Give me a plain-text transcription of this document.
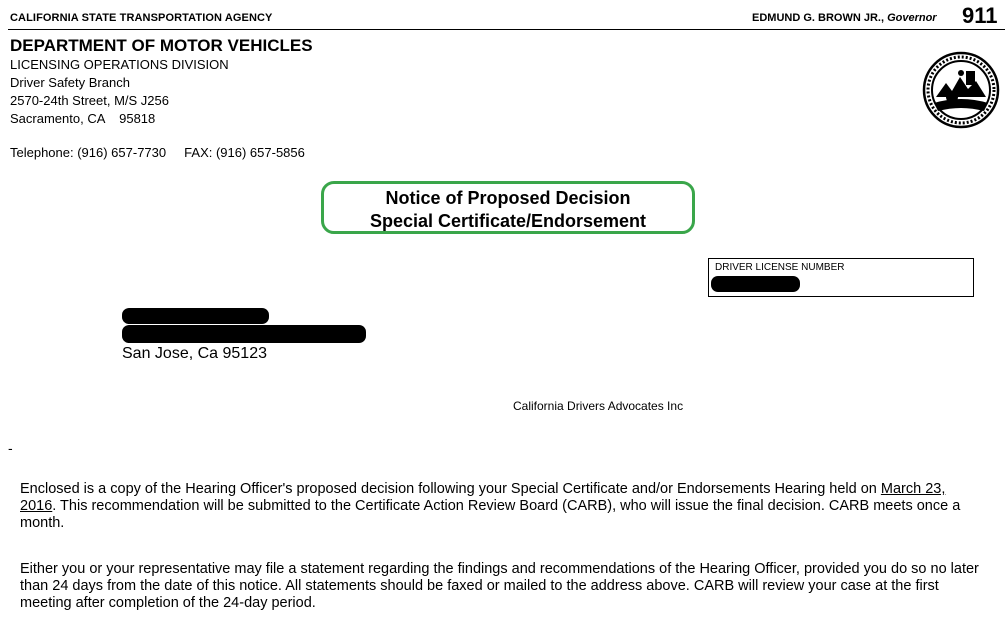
CALIFORNIA STATE TRANSPORTATION AGENCY	EDMUND G. BROWN JR., Governor 911
DEPARTMENT OF MOTOR VEHICLES
LICENSING OPERATIONS DIVISION
Driver Safety Branch
2570-24th Street, M/S J256
Sacramento, CA    95818
Telephone: (916) 657-7730     FAX: (916) 657-5856
Notice of Proposed Decision
Special Certificate/Endorsement
DRIVER LICENSE NUMBER
San Jose, Ca 95123
California Drivers Advocates Inc
-

Enclosed is a copy of the Hearing Officer's proposed decision following your Special Certificate and/or Endorsements Hearing held on March 23, 2016. This recommendation will be submitted to the Certificate Action Review Board (CARB), who will issue the final decision. CARB meets once a month.

Either you or your representative may file a statement regarding the findings and recommendations of the Hearing Officer, provided you do so no later than 24 days from the date of this notice. All statements should be faxed or mailed to the address above. CARB will review your case at the first meeting after completion of the 24-day period.
